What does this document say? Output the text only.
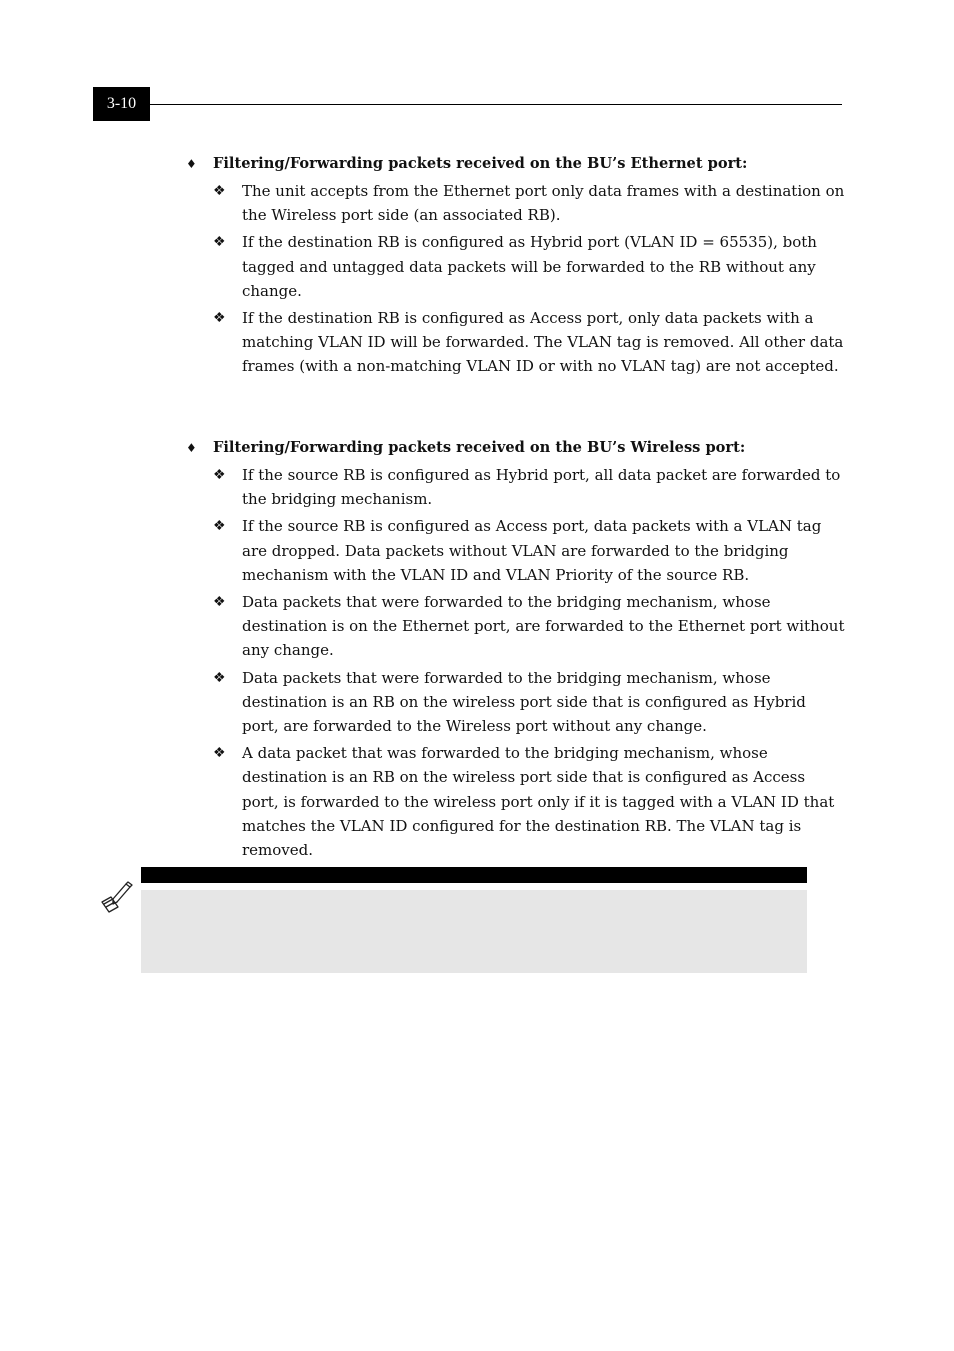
3-10
♦ Filtering/Forwarding packets received on the BU’s Ethernet port:
❖ The unit accepts from the Ethernet port only data frames with a destination on the Wireless port side (an associated RB).
❖ If the destination RB is configured as Hybrid port (VLAN ID = 65535), both tagged and untagged data packets will be forwarded to the RB without any change.
❖ If the destination RB is configured as Access port, only data packets with a matching VLAN ID will be forwarded. The VLAN tag is removed. All other data frames (with a non-matching VLAN ID or with no VLAN tag) are not accepted.
♦ Filtering/Forwarding packets received on the BU’s Wireless port:
❖ If the source RB is configured as Hybrid port, all data packet are forwarded to the bridging mechanism.
❖ If the source RB is configured as Access port, data packets with a VLAN tag are dropped. Data packets without VLAN are forwarded to the bridging mechanism with the VLAN ID and VLAN Priority of the source RB.
❖ Data packets that were forwarded to the bridging mechanism, whose destination is on the Ethernet port, are forwarded to the Ethernet port without any change.
❖ Data packets that were forwarded to the bridging mechanism, whose destination is an RB on the wireless port side that is configured as Hybrid port, are forwarded to the Wireless port without any change.
❖ A data packet that was forwarded to the bridging mechanism, whose destination is an RB on the wireless port side that is configured as Access port, is forwarded to the wireless port only if it is tagged with a VLAN ID that matches the VLAN ID configured for the destination RB. The VLAN tag is removed.
